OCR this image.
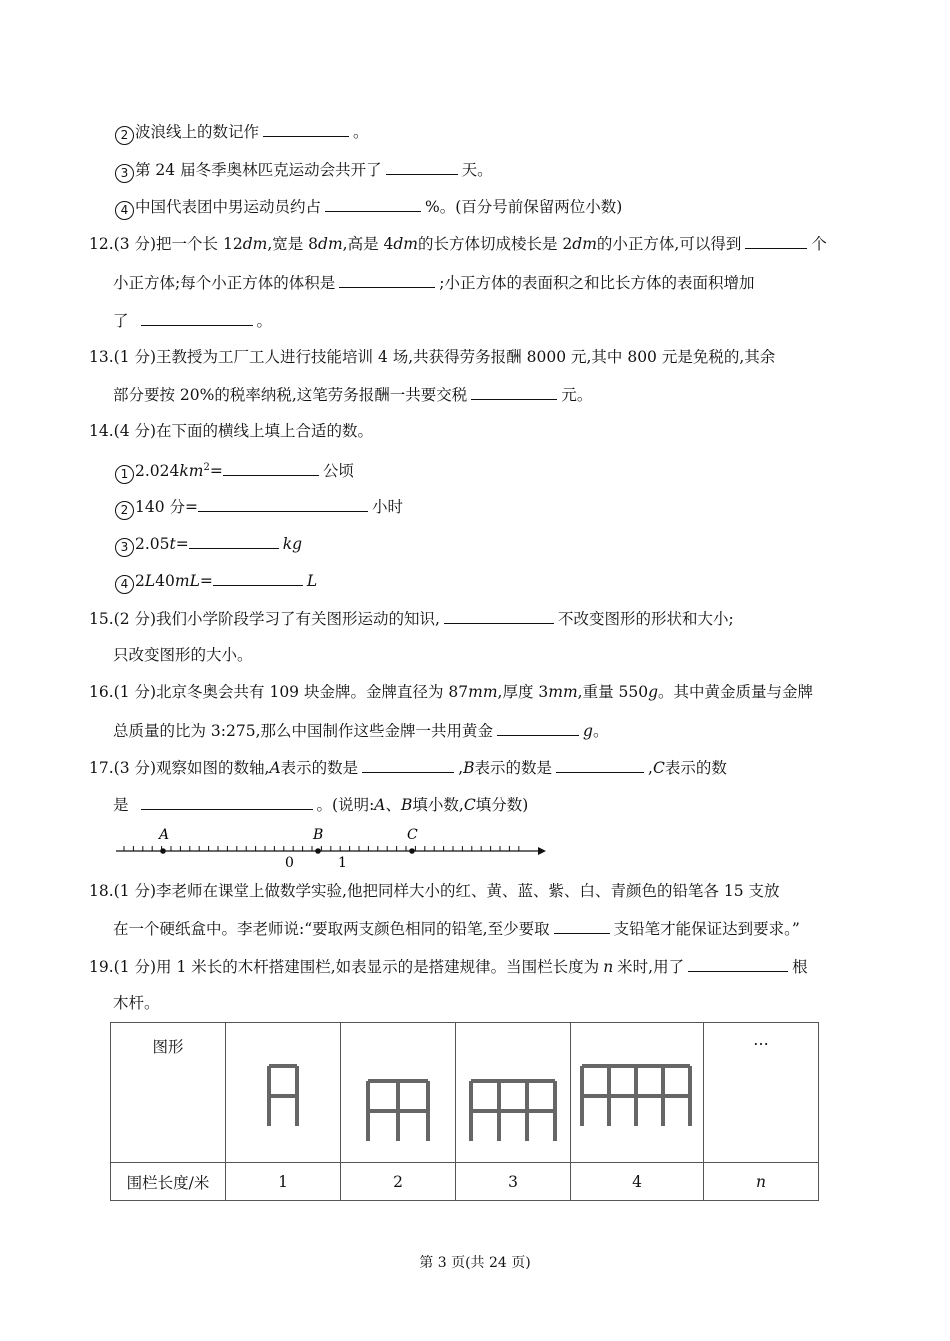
2 波浪线上的数记作	。
3 第 24 届冬季奥林匹克运动会共开了	天。
4 中国代表团中男运动员约占	%。(百分号前保留两位小数)
12.(3 分)把一个长 12dm,宽是 8dm,高是 4dm的长方体切成棱长是 2dm的小正方体,可以得到	个
小正方体;每个小正方体的体积是	;小正方体的表面积之和比长方体的表面积增加
了	。
13.(1 分)王教授为工厂工人进行技能培训 4 场,共获得劳务报酬 8000 元,其中 800 元是免税的,其余
部分要按 20%的税率纳税,这笔劳务报酬一共要交税	元。
14.(4 分)在下面的横线上填上合适的数。
1 $2.024km^2=$	公顷
2 140 分=	小时
3 2.05t=	kg
4 2L40mL=	L
15.(2 分)我们小学阶段学习了有关图形运动的知识,	不改变图形的形状和大小;
只改变图形的大小。
16.(1 分)北京冬奥会共有 109 块金牌。金牌直径为 87mm,厚度 3mm,重量 550g。其中黄金质量与金牌
总质量的比为 3:275,那么中国制作这些金牌一共用黄金	g。
17.(3 分)观察如图的数轴,A表示的数是	,B表示的数是	,C表示的数
是	。(说明:A、B填小数,C填分数)
A	B	C
0	1
18.(1 分)李老师在课堂上做数学实验,他把同样大小的红、黄、蓝、紫、白、青颜色的铅笔各 15 支放
在一个硬纸盒中。李老师说:“要取两支颜色相同的铅笔,至少要取	支铅笔才能保证达到要求。”
19.(1 分)用 1 米长的木杆搭建围栏,如表显示的是搭建规律。当围栏长度为 n 米时,用了	根
木杆。
图形					…
围栏长度/米	1	2	3	4	n
第 3 页(共 24 页)
